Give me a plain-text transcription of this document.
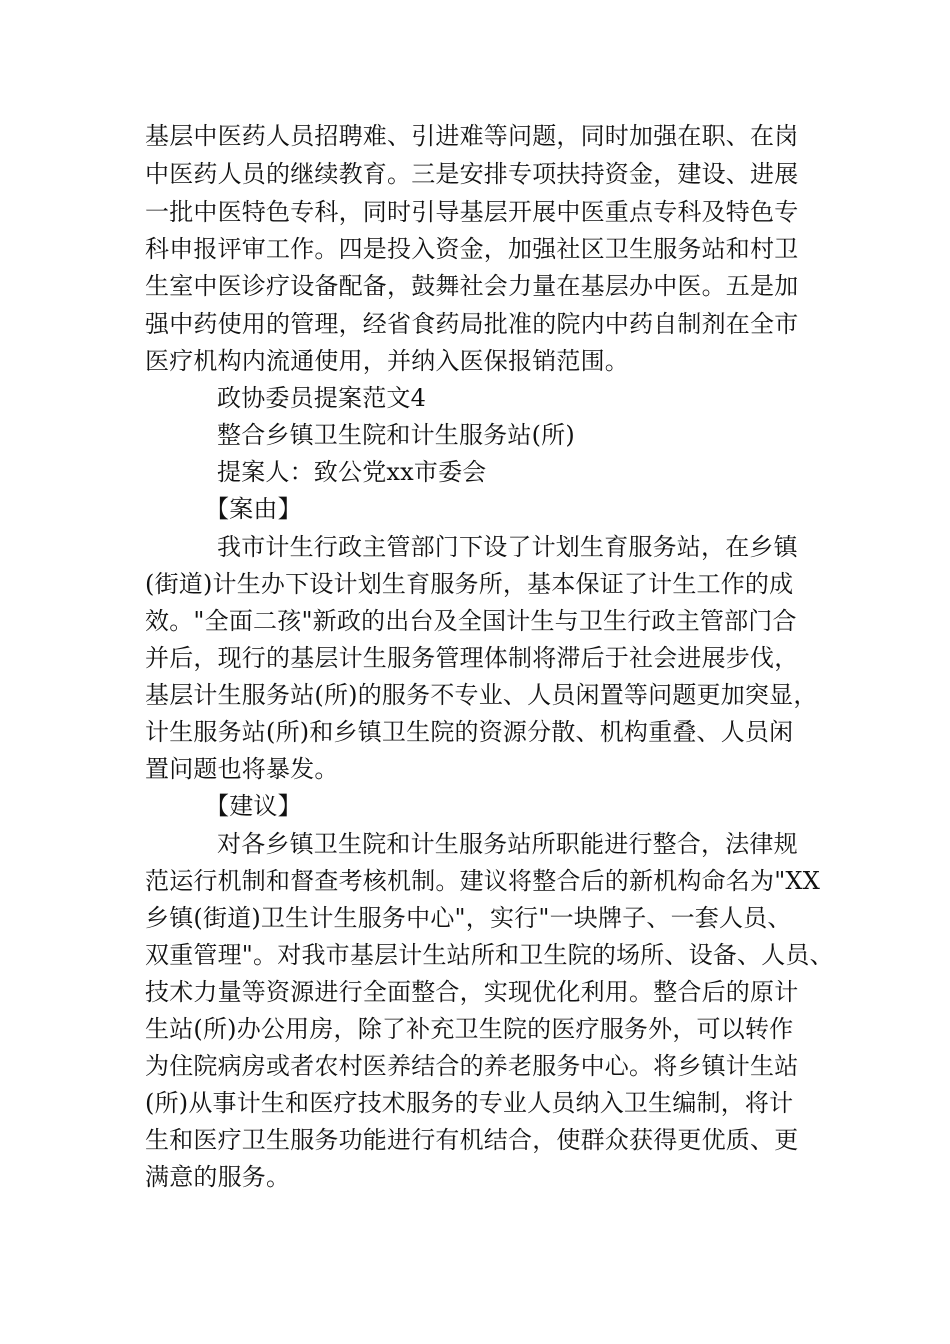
基层中医药人员招聘难、引进难等问题，同时加强在职、在岗
中医药人员的继续教育。三是安排专项扶持资金，建设、进展
一批中医特色专科，同时引导基层开展中医重点专科及特色专
科申报评审工作。四是投入资金，加强社区卫生服务站和村卫
生室中医诊疗设备配备，鼓舞社会力量在基层办中医。五是加
强中药使用的管理，经省食药局批准的院内中药自制剂在全市
医疗机构内流通使用，并纳入医保报销范围。
政协委员提案范文4
整合乡镇卫生院和计生服务站(所)
提案人：致公党xx市委会
【案由】
我市计生行政主管部门下设了计划生育服务站，在乡镇
(街道)计生办下设计划生育服务所，基本保证了计生工作的成
效。"全面二孩"新政的出台及全国计生与卫生行政主管部门合
并后，现行的基层计生服务管理体制将滞后于社会进展步伐，
基层计生服务站(所)的服务不专业、人员闲置等问题更加突显，
计生服务站(所)和乡镇卫生院的资源分散、机构重叠、人员闲
置问题也将暴发。
【建议】
对各乡镇卫生院和计生服务站所职能进行整合，法律规
范运行机制和督查考核机制。建议将整合后的新机构命名为"XX
乡镇(街道)卫生计生服务中心"，实行"一块牌子、一套人员、
双重管理"。对我市基层计生站所和卫生院的场所、设备、人员、
技术力量等资源进行全面整合，实现优化利用。整合后的原计
生站(所)办公用房，除了补充卫生院的医疗服务外，可以转作
为住院病房或者农村医养结合的养老服务中心。将乡镇计生站
(所)从事计生和医疗技术服务的专业人员纳入卫生编制，将计
生和医疗卫生服务功能进行有机结合，使群众获得更优质、更
满意的服务。
